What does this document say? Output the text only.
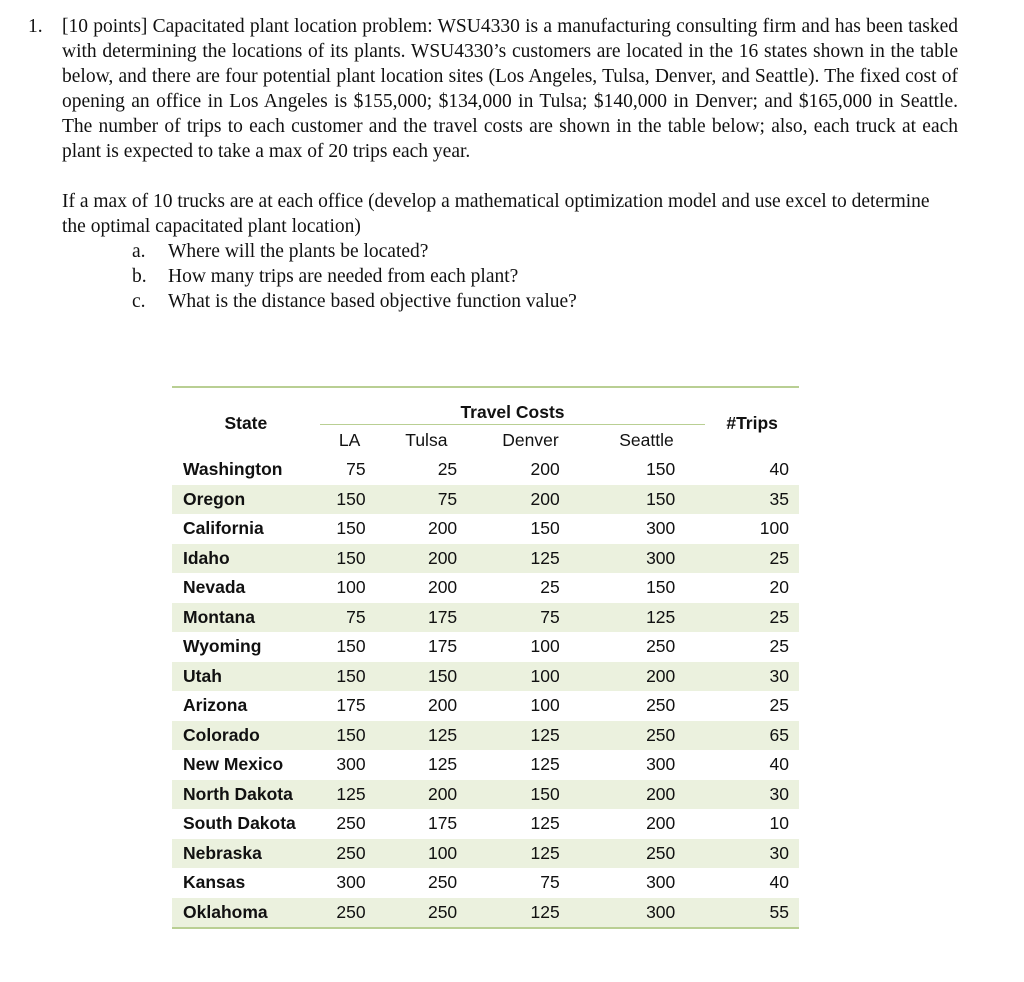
1. [10 points] Capacitated plant location problem: WSU4330 is a manufacturing consulting firm and has been tasked with determining the locations of its plants. WSU4330’s customers are located in the 16 states shown in the table below, and there are four potential plant location sites (Los Angeles, Tulsa, Denver, and Seattle). The fixed cost of opening an office in Los Angeles is $155,000; $134,000 in Tulsa; $140,000 in Denver; and $165,000 in Seattle. The number of trips to each customer and the travel costs are shown in the table below; also, each truck at each plant is expected to take a max of 20 trips each year.
If a max of 10 trucks are at each office (develop a mathematical optimization model and use excel to determine the optimal capacitated plant location)
a. Where will the plants be located?
b. How many trips are needed from each plant?
c. What is the distance based objective function value?

State	Travel Costs				#Trips
	LA	Tulsa	Denver	Seattle	
Washington	75	25	200	150	40
Oregon	150	75	200	150	35
California	150	200	150	300	100
Idaho	150	200	125	300	25
Nevada	100	200	25	150	20
Montana	75	175	75	125	25
Wyoming	150	175	100	250	25
Utah	150	150	100	200	30
Arizona	175	200	100	250	25
Colorado	150	125	125	250	65
New Mexico	300	125	125	300	40
North Dakota	125	200	150	200	30
South Dakota	250	175	125	200	10
Nebraska	250	100	125	250	30
Kansas	300	250	75	300	40
Oklahoma	250	250	125	300	55
